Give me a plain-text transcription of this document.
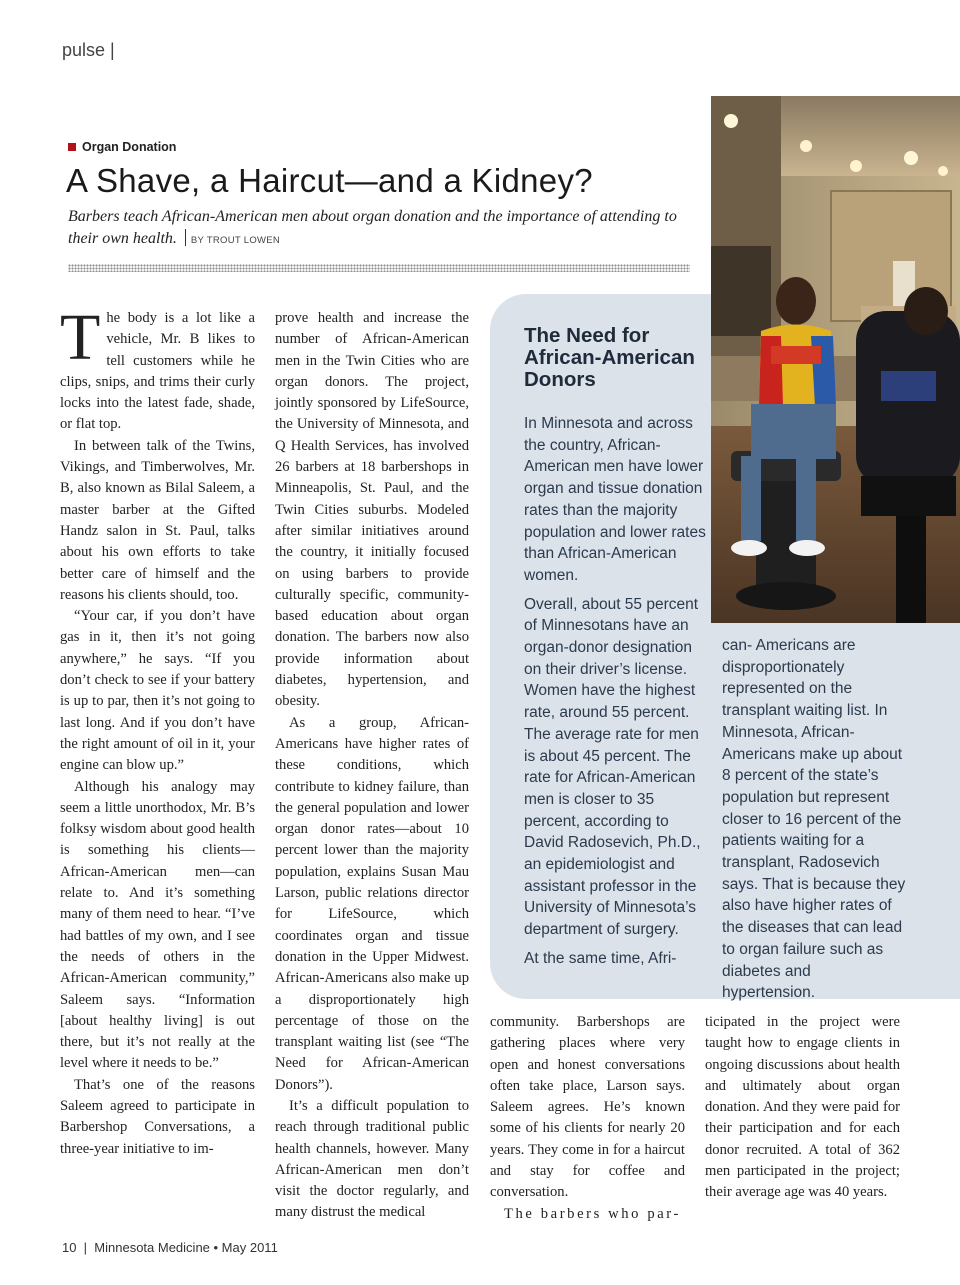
pulse |
Organ Donation
A Shave, a Haircut—and a Kidney?
Barbers teach African-American men about organ donation and the importance of attending to their own health. BY TROUT LOWEN

The body is a lot like a vehicle, Mr. B likes to tell customers while he clips, snips, and trims their curly locks into the latest fade, shade, or flat top.

In between talk of the Twins, Vikings, and Timberwolves, Mr. B, also known as Bilal Saleem, a master barber at the Gifted Handz salon in St. Paul, talks about his own efforts to take better care of himself and the reasons his clients should, too.

“Your car, if you don’t have gas in it, then it’s not going anywhere,” he says. “If you don’t check to see if your battery is up to par, then it’s not going to last long. And if you don’t have the right amount of oil in it, your engine can blow up.”

Although his analogy may seem a little unorthodox, Mr. B’s folksy wisdom about good health is something his clients—African-American men—can relate to. And it’s something many of them need to hear. “I’ve had battles of my own, and I see the needs of others in the African-American community,” Saleem says. “Information [about healthy living] is out there, but it’s not really at the level where it needs to be.”

That’s one of the reasons Saleem agreed to participate in Barbershop Conversations, a three-year initiative to im-

prove health and increase the number of African-American men in the Twin Cities who are organ donors. The project, jointly sponsored by LifeSource, the University of Minnesota, and Q Health Services, has involved 26 barbers at 18 barbershops in Minneapolis, St. Paul, and the Twin Cities suburbs. Modeled after similar initiatives around the country, it initially focused on using barbers to provide culturally specific, community-based education about organ donation. The barbers now also provide information about diabetes, hypertension, and obesity.

As a group, African-Americans have higher rates of these conditions, which contribute to kidney failure, than the general population and lower organ donor rates—about 10 percent lower than the majority population, explains Susan Mau Larson, public relations director for LifeSource, which coordinates organ and tissue donation in the Upper Midwest. African-Americans also make up a disproportionately high percentage of those on the transplant waiting list (see “The Need for African-American Donors”).

It’s a difficult population to reach through traditional public health channels, however. Many African-American men don’t visit the doctor regularly, and many distrust the medical

The Need for African-American Donors

In Minnesota and across the country, African-American men have lower organ and tissue donation rates than the majority population and lower rates than African-American women.

Overall, about 55 percent of Minnesotans have an organ-donor designation on their driver’s license. Women have the highest rate, around 55 percent. The average rate for men is about 45 percent. The rate for African-American men is closer to 35 percent, according to David Radosevich, Ph.D., an epidemiologist and assistant professor in the University of Minnesota’s department of surgery.

At the same time, Afri-

can- Americans are disproportionately represented on the transplant waiting list. In Minnesota, African-Americans make up about 8 percent of the state’s population but represent closer to 16 percent of the patients waiting for a transplant, Radosevich says. That is because they also have higher rates of the diseases that can lead to organ failure such as diabetes and hypertension.

community. Barbershops are gathering places where very open and honest conversations often take place, Larson says. Saleem agrees. He’s known some of his clients for nearly 20 years. They come in for a haircut and stay for coffee and conversation.

The barbers who par-

ticipated in the project were taught how to engage clients in ongoing discussions about health and ultimately about organ donation. And they were paid for their participation and for each donor recruited. A total of 362 men participated in the project; their average age was 40 years.

10  |  Minnesota Medicine • May 2011
